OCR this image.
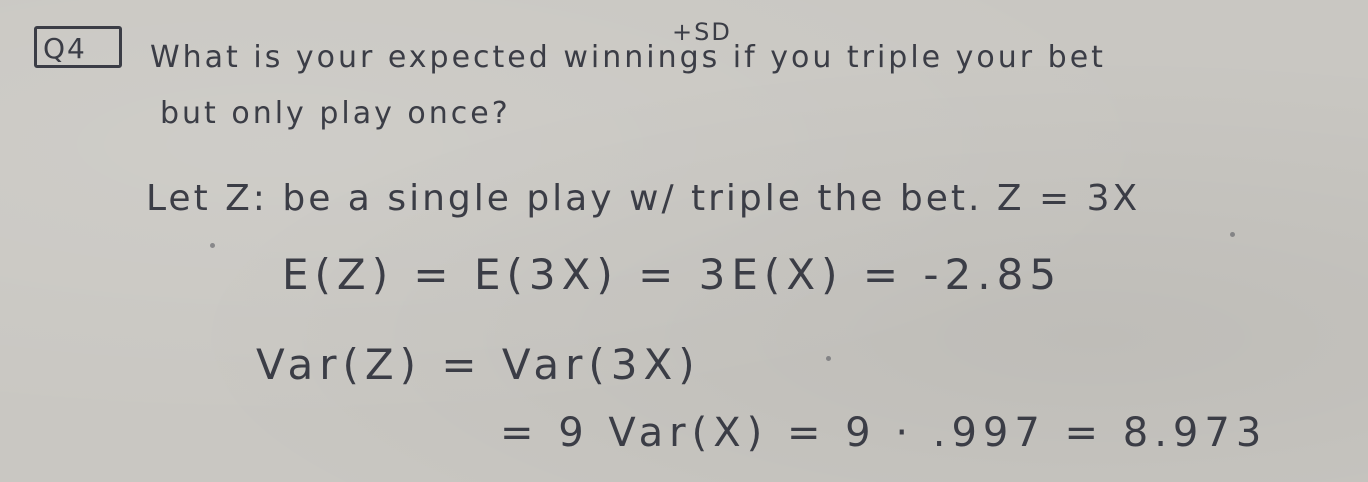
Q4	+SD
What is your expected winnings if you triple your bet
but only play once?
Let Z: be a single play w/ triple the bet. Z = 3X
E(Z) = E(3X) = 3E(X) = -2.85
Var(Z) = Var(3X)
= 9 Var(X) = 9 · .997 = 8.973
